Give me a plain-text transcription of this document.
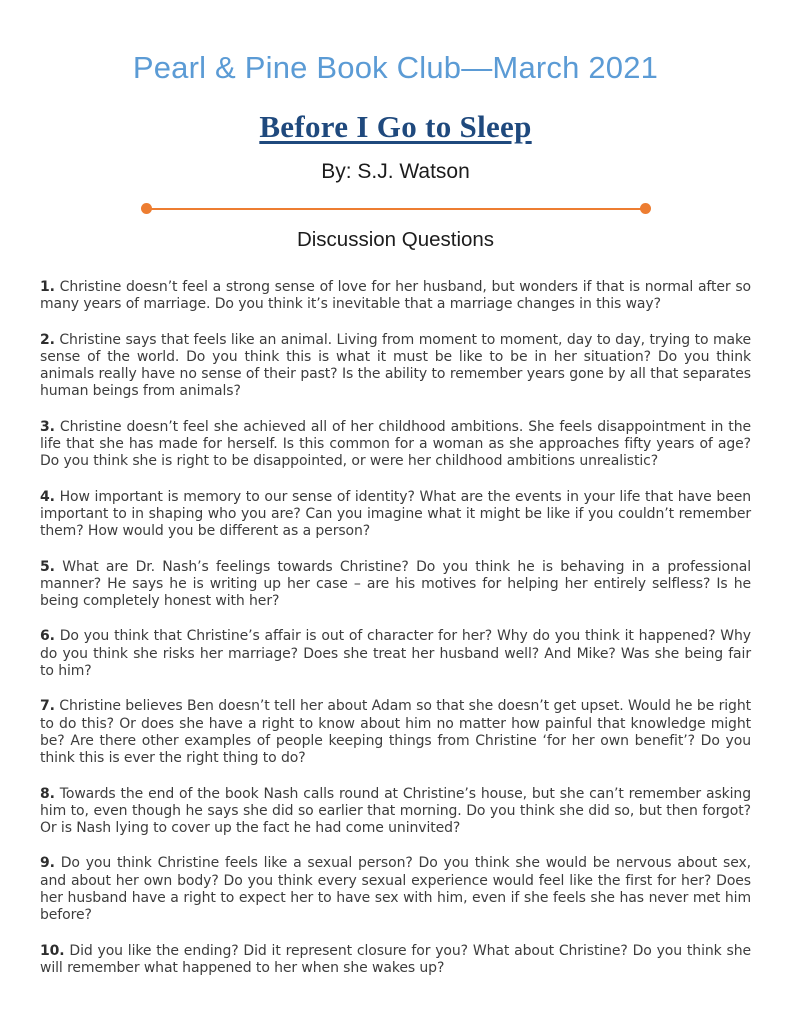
Pearl & Pine Book Club—March 2021
Before I Go to Sleep
By: S.J. Watson
Discussion Questions

1. Christine doesn’t feel a strong sense of love for her husband, but wonders if that is normal after so many years of marriage. Do you think it’s inevitable that a marriage changes in this way?

2. Christine says that feels like an animal. Living from moment to moment, day to day, trying to make sense of the world. Do you think this is what it must be like to be in her situation? Do you think animals really have no sense of their past? Is the ability to remember years gone by all that separates human beings from animals?

3. Christine doesn’t feel she achieved all of her childhood ambitions. She feels disappointment in the life that she has made for herself. Is this common for a woman as she approaches fifty years of age? Do you think she is right to be disappointed, or were her childhood ambitions unrealistic?

4. How important is memory to our sense of identity? What are the events in your life that have been important to in shaping who you are? Can you imagine what it might be like if you couldn’t remember them? How would you be different as a person?

5. What are Dr. Nash’s feelings towards Christine? Do you think he is behaving in a professional manner? He says he is writing up her case – are his motives for helping her entirely selfless? Is he being completely honest with her?

6. Do you think that Christine’s affair is out of character for her? Why do you think it happened? Why do you think she risks her marriage? Does she treat her husband well? And Mike? Was she being fair to him?

7. Christine believes Ben doesn’t tell her about Adam so that she doesn’t get upset. Would he be right to do this? Or does she have a right to know about him no matter how painful that knowledge might be? Are there other examples of people keeping things from Christine ‘for her own benefit’? Do you think this is ever the right thing to do?

8. Towards the end of the book Nash calls round at Christine’s house, but she can’t remember asking him to, even though he says she did so earlier that morning. Do you think she did so, but then forgot? Or is Nash lying to cover up the fact he had come uninvited?

9. Do you think Christine feels like a sexual person? Do you think she would be nervous about sex, and about her own body? Do you think every sexual experience would feel like the first for her? Does her husband have a right to expect her to have sex with him, even if she feels she has never met him before?

10. Did you like the ending? Did it represent closure for you? What about Christine? Do you think she will remember what happened to her when she wakes up?
